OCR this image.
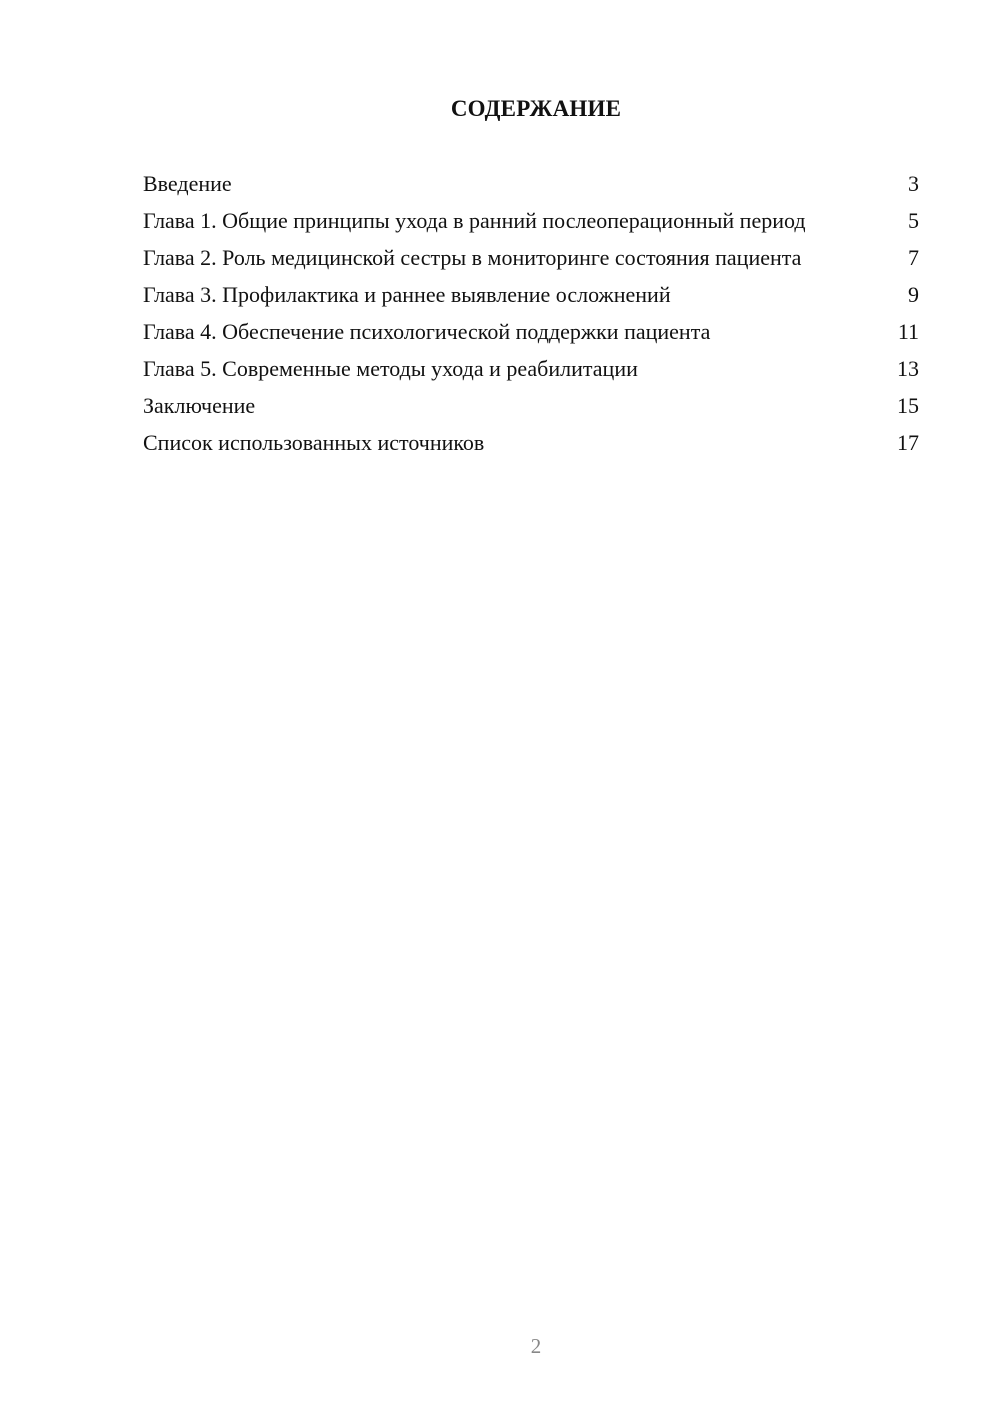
СОДЕРЖАНИЕ
Введение	3
Глава 1. Общие принципы ухода в ранний послеоперационный период	5
Глава 2. Роль медицинской сестры в мониторинге состояния пациента	7
Глава 3. Профилактика и раннее выявление осложнений	9
Глава 4. Обеспечение психологической поддержки пациента	11
Глава 5. Современные методы ухода и реабилитации	13
Заключение	15
Список использованных источников	17
2
